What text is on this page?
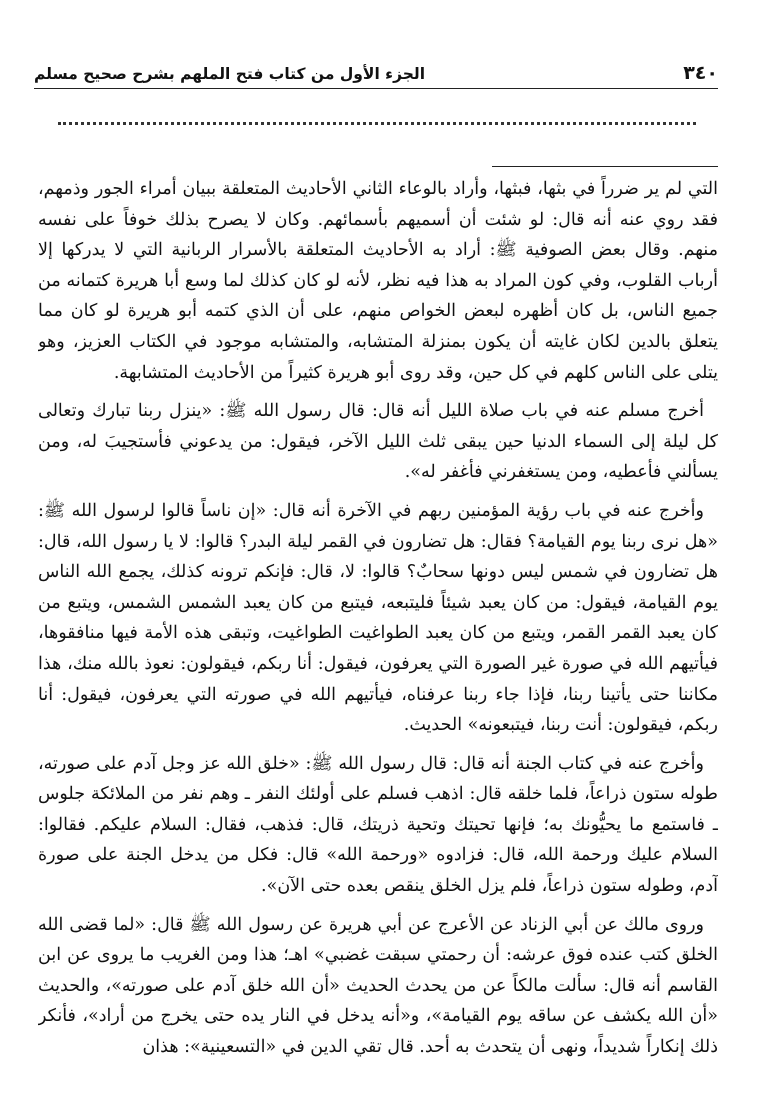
٣٤٠
الجزء الأول من كتاب فتح الملهم بشرح صحيح مسلم

التي لم ير ضرراً في بثها، فبثها، وأراد بالوعاء الثاني الأحاديث المتعلقة ببيان أمراء الجور وذمهم، فقد روي عنه أنه قال: لو شئت أن أسميهم بأسمائهم. وكان لا يصرح بذلك خوفاً على نفسه منهم. وقال بعض الصوفية ﷺ: أراد به الأحاديث المتعلقة بالأسرار الربانية التي لا يدركها إلا أرباب القلوب، وفي كون المراد به هذا فيه نظر، لأنه لو كان كذلك لما وسع أبا هريرة كتمانه من جميع الناس، بل كان أظهره لبعض الخواص منهم، على أن الذي كتمه أبو هريرة لو كان مما يتعلق بالدين لكان غايته أن يكون بمنزلة المتشابه، والمتشابه موجود في الكتاب العزيز، وهو يتلى على الناس كلهم في كل حين، وقد روى أبو هريرة كثيراً من الأحاديث المتشابهة.

أخرج مسلم عنه في باب صلاة الليل أنه قال: قال رسول الله ﷺ: «ينزل ربنا تبارك وتعالى كل ليلة إلى السماء الدنيا حين يبقى ثلث الليل الآخر، فيقول: من يدعوني فأستجيبَ له، ومن يسألني فأعطيه، ومن يستغفرني فأغفر له».

وأخرج عنه في باب رؤية المؤمنين ربهم في الآخرة أنه قال: «إن ناساً قالوا لرسول الله ﷺ: «هل نرى ربنا يوم القيامة؟ فقال: هل تضارون في القمر ليلة البدر؟ قالوا: لا يا رسول الله، قال: هل تضارون في شمس ليس دونها سحابٌ؟ قالوا: لا، قال: فإنكم ترونه كذلك، يجمع الله الناس يوم القيامة، فيقول: من كان يعبد شيئاً فليتبعه، فيتبع من كان يعبد الشمس الشمس، ويتبع من كان يعبد القمر القمر، ويتبع من كان يعبد الطواغيت الطواغيت، وتبقى هذه الأمة فيها منافقوها، فيأتيهم الله في صورة غير الصورة التي يعرفون، فيقول: أنا ربكم، فيقولون: نعوذ بالله منك، هذا مكاننا حتى يأتينا ربنا، فإذا جاء ربنا عرفناه، فيأتيهم الله في صورته التي يعرفون، فيقول: أنا ربكم، فيقولون: أنت ربنا، فيتبعونه» الحديث.

وأخرج عنه في كتاب الجنة أنه قال: قال رسول الله ﷺ: «خلق الله عز وجل آدم على صورته، طوله ستون ذراعاً، فلما خلقه قال: اذهب فسلم على أولئك النفر ـ وهم نفر من الملائكة جلوس ـ فاستمع ما يحيُّونك به؛ فإنها تحيتك وتحية ذريتك، قال: فذهب، فقال: السلام عليكم. فقالوا: السلام عليك ورحمة الله، قال: فزادوه «ورحمة الله» قال: فكل من يدخل الجنة على صورة آدم، وطوله ستون ذراعاً، فلم يزل الخلق ينقص بعده حتى الآن».

وروى مالك عن أبي الزناد عن الأعرج عن أبي هريرة عن رسول الله ﷺ قال: «لما قضى الله الخلق كتب عنده فوق عرشه: أن رحمتي سبقت غضبي» اهـ؛ هذا ومن الغريب ما يروى عن ابن القاسم أنه قال: سألت مالكاً عن من يحدث الحديث «أن الله خلق آدم على صورته»، والحديث «أن الله يكشف عن ساقه يوم القيامة»، و«أنه يدخل في النار يده حتى يخرج من أراد»، فأنكر ذلك إنكاراً شديداً، ونهى أن يتحدث به أحد. قال تقي الدين في «التسعينية»: هذان
